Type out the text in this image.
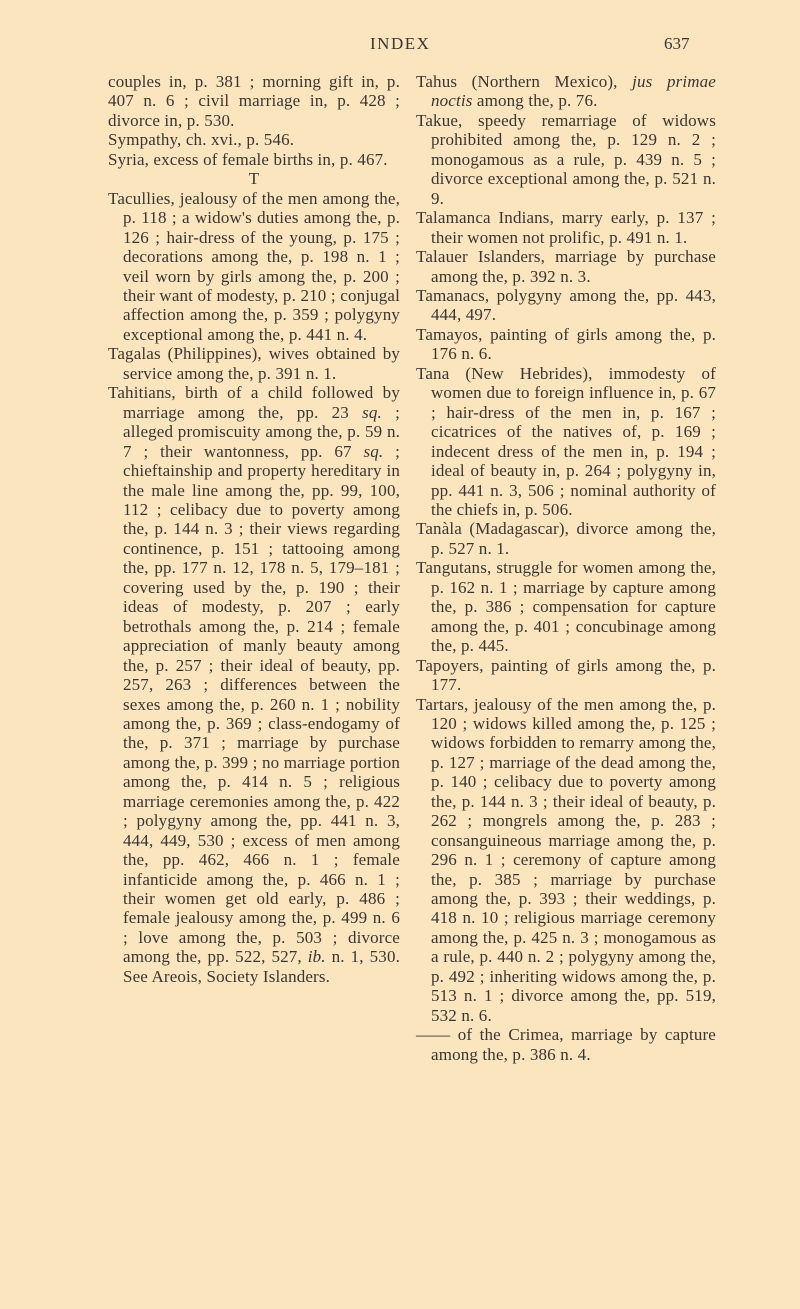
INDEX	637

couples in, p. 381 ; morning gift in, p. 407 n. 6 ; civil marriage in, p. 428 ; divorce in, p. 530.

Sympathy, ch. xvi., p. 546.

Syria, excess of female births in, p. 467.

T

Tacullies, jealousy of the men among the, p. 118 ; a widow's duties among the, p. 126 ; hair-dress of the young, p. 175 ; decorations among the, p. 198 n. 1 ; veil worn by girls among the, p. 200 ; their want of modesty, p. 210 ; conjugal affection among the, p. 359 ; polygyny exceptional among the, p. 441 n. 4.

Tagalas (Philippines), wives obtained by service among the, p. 391 n. 1.

Tahitians, birth of a child followed by marriage among the, pp. 23 sq. ; alleged promiscuity among the, p. 59 n. 7 ; their wantonness, pp. 67 sq. ; chieftainship and property hereditary in the male line among the, pp. 99, 100, 112 ; celibacy due to poverty among the, p. 144 n. 3 ; their views regarding continence, p. 151 ; tattooing among the, pp. 177 n. 12, 178 n. 5, 179–181 ; covering used by the, p. 190 ; their ideas of modesty, p. 207 ; early betrothals among the, p. 214 ; female appreciation of manly beauty among the, p. 257 ; their ideal of beauty, pp. 257, 263 ; differences between the sexes among the, p. 260 n. 1 ; nobility among the, p. 369 ; class-endogamy of the, p. 371 ; marriage by purchase among the, p. 399 ; no marriage portion among the, p. 414 n. 5 ; religious marriage ceremonies among the, p. 422 ; polygyny among the, pp. 441 n. 3, 444, 449, 530 ; excess of men among the, pp. 462, 466 n. 1 ; female infanticide among the, p. 466 n. 1 ; their women get old early, p. 486 ; female jealousy among the, p. 499 n. 6 ; love among the, p. 503 ; divorce among the, pp. 522, 527, ib. n. 1, 530. See Areois, Society Islanders.

Tahus (Northern Mexico), jus primae noctis among the, p. 76.

Takue, speedy remarriage of widows prohibited among the, p. 129 n. 2 ; monogamous as a rule, p. 439 n. 5 ; divorce exceptional among the, p. 521 n. 9.

Talamanca Indians, marry early, p. 137 ; their women not prolific, p. 491 n. 1.

Talauer Islanders, marriage by purchase among the, p. 392 n. 3.

Tamanacs, polygyny among the, pp. 443, 444, 497.

Tamayos, painting of girls among the, p. 176 n. 6.

Tana (New Hebrides), immodesty of women due to foreign influence in, p. 67 ; hair-dress of the men in, p. 167 ; cicatrices of the natives of, p. 169 ; indecent dress of the men in, p. 194 ; ideal of beauty in, p. 264 ; polygyny in, pp. 441 n. 3, 506 ; nominal authority of the chiefs in, p. 506.

Tanàla (Madagascar), divorce among the, p. 527 n. 1.

Tangutans, struggle for women among the, p. 162 n. 1 ; marriage by capture among the, p. 386 ; compensation for capture among the, p. 401 ; concubinage among the, p. 445.

Tapoyers, painting of girls among the, p. 177.

Tartars, jealousy of the men among the, p. 120 ; widows killed among the, p. 125 ; widows forbidden to remarry among the, p. 127 ; marriage of the dead among the, p. 140 ; celibacy due to poverty among the, p. 144 n. 3 ; their ideal of beauty, p. 262 ; mongrels among the, p. 283 ; consanguineous marriage among the, p. 296 n. 1 ; ceremony of capture among the, p. 385 ; marriage by purchase among the, p. 393 ; their weddings, p. 418 n. 10 ; religious marriage ceremony among the, p. 425 n. 3 ; monogamous as a rule, p. 440 n. 2 ; polygyny among the, p. 492 ; inheriting widows among the, p. 513 n. 1 ; divorce among the, pp. 519, 532 n. 6.

—— of the Crimea, marriage by capture among the, p. 386 n. 4.
